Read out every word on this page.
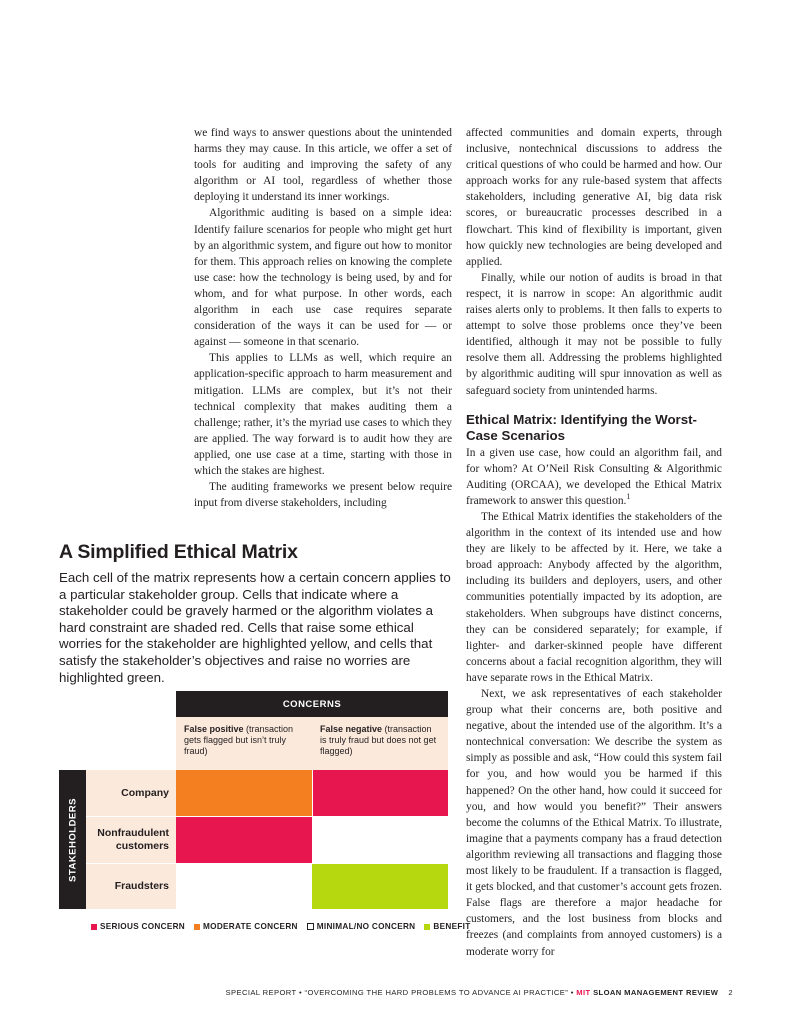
we find ways to answer questions about the unintended harms they may cause. In this article, we offer a set of tools for auditing and improving the safety of any algorithm or AI tool, regardless of whether those deploying it understand its inner workings.

Algorithmic auditing is based on a simple idea: Identify failure scenarios for people who might get hurt by an algorithmic system, and figure out how to monitor for them. This approach relies on knowing the complete use case: how the technology is being used, by and for whom, and for what purpose. In other words, each algorithm in each use case requires separate consideration of the ways it can be used for — or against — someone in that scenario.

This applies to LLMs as well, which require an application-specific approach to harm measurement and mitigation. LLMs are complex, but it’s not their technical complexity that makes auditing them a challenge; rather, it’s the myriad use cases to which they are applied. The way forward is to audit how they are applied, one use case at a time, starting with those in which the stakes are highest.

The auditing frameworks we present below require input from diverse stakeholders, including

affected communities and domain experts, through inclusive, nontechnical discussions to address the critical questions of who could be harmed and how. Our approach works for any rule-based system that affects stakeholders, including generative AI, big data risk scores, or bureaucratic processes described in a flowchart. This kind of flexibility is important, given how quickly new technologies are being developed and applied.

Finally, while our notion of audits is broad in that respect, it is narrow in scope: An algorithmic audit raises alerts only to problems. It then falls to experts to attempt to solve those problems once they’ve been identified, although it may not be possible to fully resolve them all. Addressing the problems highlighted by algorithmic auditing will spur innovation as well as safeguard society from unintended harms.

Ethical Matrix: Identifying the Worst-Case Scenarios

In a given use case, how could an algorithm fail, and for whom? At O’Neil Risk Consulting & Algorithmic Auditing (ORCAA), we developed the Ethical Matrix framework to answer this question.$^1$

The Ethical Matrix identifies the stakeholders of the algorithm in the context of its intended use and how they are likely to be affected by it. Here, we take a broad approach: Anybody affected by the algorithm, including its builders and deployers, users, and other communities potentially impacted by its adoption, are stakeholders. When subgroups have distinct concerns, they can be considered separately; for example, if lighter- and darker-skinned people have different concerns about a facial recognition algorithm, they will have separate rows in the Ethical Matrix.

Next, we ask representatives of each stakeholder group what their concerns are, both positive and negative, about the intended use of the algorithm. It’s a nontechnical conversation: We describe the system as simply as possible and ask, “How could this system fail for you, and how would you be harmed if this happened? On the other hand, how could it succeed for you, and how would you benefit?” Their answers become the columns of the Ethical Matrix. To illustrate, imagine that a payments company has a fraud detection algorithm reviewing all transactions and flagging those most likely to be fraudulent. If a transaction is flagged, it gets blocked, and that customer’s account gets frozen. False flags are therefore a major headache for customers, and the lost business from blocks and freezes (and complaints from annoyed customers) is a moderate worry for

A Simplified Ethical Matrix
Each cell of the matrix represents how a certain concern applies to a particular stakeholder group. Cells that indicate where a stakeholder could be gravely harmed or the algorithm violates a hard constraint are shaded red. Cells that raise some ethical worries for the stakeholder are highlighted yellow, and cells that satisfy the stakeholder’s objectives and raise no worries are highlighted green.
CONCERNS
False positive (transaction gets flagged but isn’t truly fraud)
False negative (transaction is truly fraud but does not get flagged)
STAKEHOLDERS
Company
Nonfraudulent customers
Fraudsters
SERIOUS CONCERN MODERATE CONCERN MINIMAL/NO CONCERN BENEFIT
SPECIAL REPORT • “OVERCOMING THE HARD PROBLEMS TO ADVANCE AI PRACTICE” • MIT SLOAN MANAGEMENT REVIEW 2
